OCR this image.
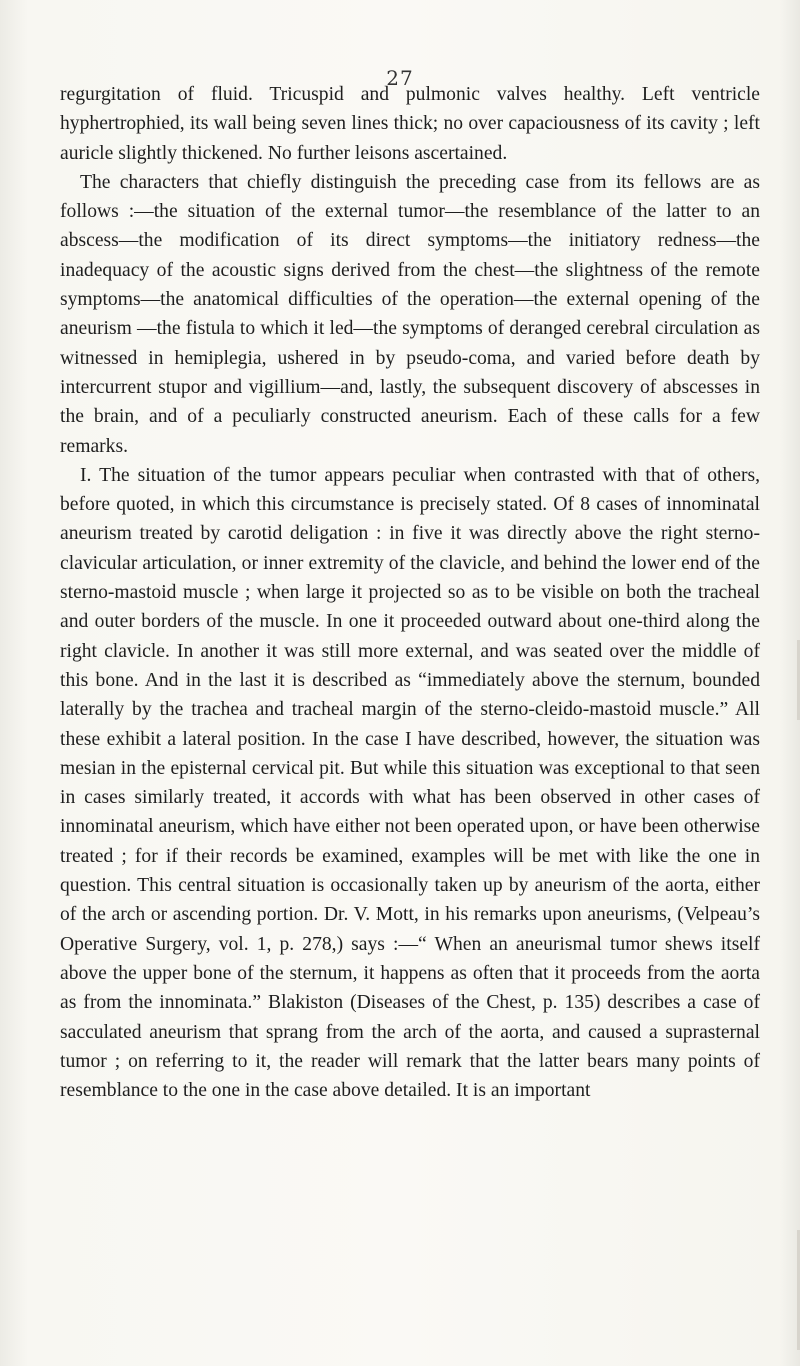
27

regurgitation of fluid. Tricuspid and pulmonic valves healthy. Left ventricle hyphertrophied, its wall being seven lines thick; no over capaciousness of its cavity ; left auricle slightly thickened. No further leisons ascertained.

The characters that chiefly distinguish the preceding case from its fellows are as follows :—the situation of the external tumor—the resemblance of the latter to an abscess—the modification of its direct symptoms—the initiatory redness—the inadequacy of the acoustic signs derived from the chest—the slightness of the remote symptoms—the anatomical difficulties of the operation—the external opening of the aneurism —the fistula to which it led—the symptoms of deranged cerebral circulation as witnessed in hemiplegia, ushered in by pseudo-coma, and varied before death by intercurrent stupor and vigillium—and, lastly, the subsequent discovery of abscesses in the brain, and of a peculiarly constructed aneurism. Each of these calls for a few remarks.

I. The situation of the tumor appears peculiar when contrasted with that of others, before quoted, in which this circumstance is precisely stated. Of 8 cases of innominatal aneurism treated by carotid deligation : in five it was directly above the right sterno-clavicular articulation, or inner extremity of the clavicle, and behind the lower end of the sterno-mastoid muscle ; when large it projected so as to be visible on both the tracheal and outer borders of the muscle. In one it proceeded outward about one-third along the right clavicle. In another it was still more external, and was seated over the middle of this bone. And in the last it is described as “immediately above the sternum, bounded laterally by the trachea and tracheal margin of the sterno-cleido-mastoid muscle.” All these exhibit a lateral position. In the case I have described, however, the situation was mesian in the episternal cervical pit. But while this situation was exceptional to that seen in cases similarly treated, it accords with what has been observed in other cases of innominatal aneurism, which have either not been operated upon, or have been otherwise treated ; for if their records be examined, examples will be met with like the one in question. This central situation is occasionally taken up by aneurism of the aorta, either of the arch or ascending portion. Dr. V. Mott, in his remarks upon aneurisms, (Velpeau’s Operative Surgery, vol. 1, p. 278,) says :—“ When an aneurismal tumor shews itself above the upper bone of the sternum, it happens as often that it proceeds from the aorta as from the innominata.” Blakiston (Diseases of the Chest, p. 135) describes a case of sacculated aneurism that sprang from the arch of the aorta, and caused a suprasternal tumor ; on referring to it, the reader will remark that the latter bears many points of resemblance to the one in the case above detailed. It is an important
